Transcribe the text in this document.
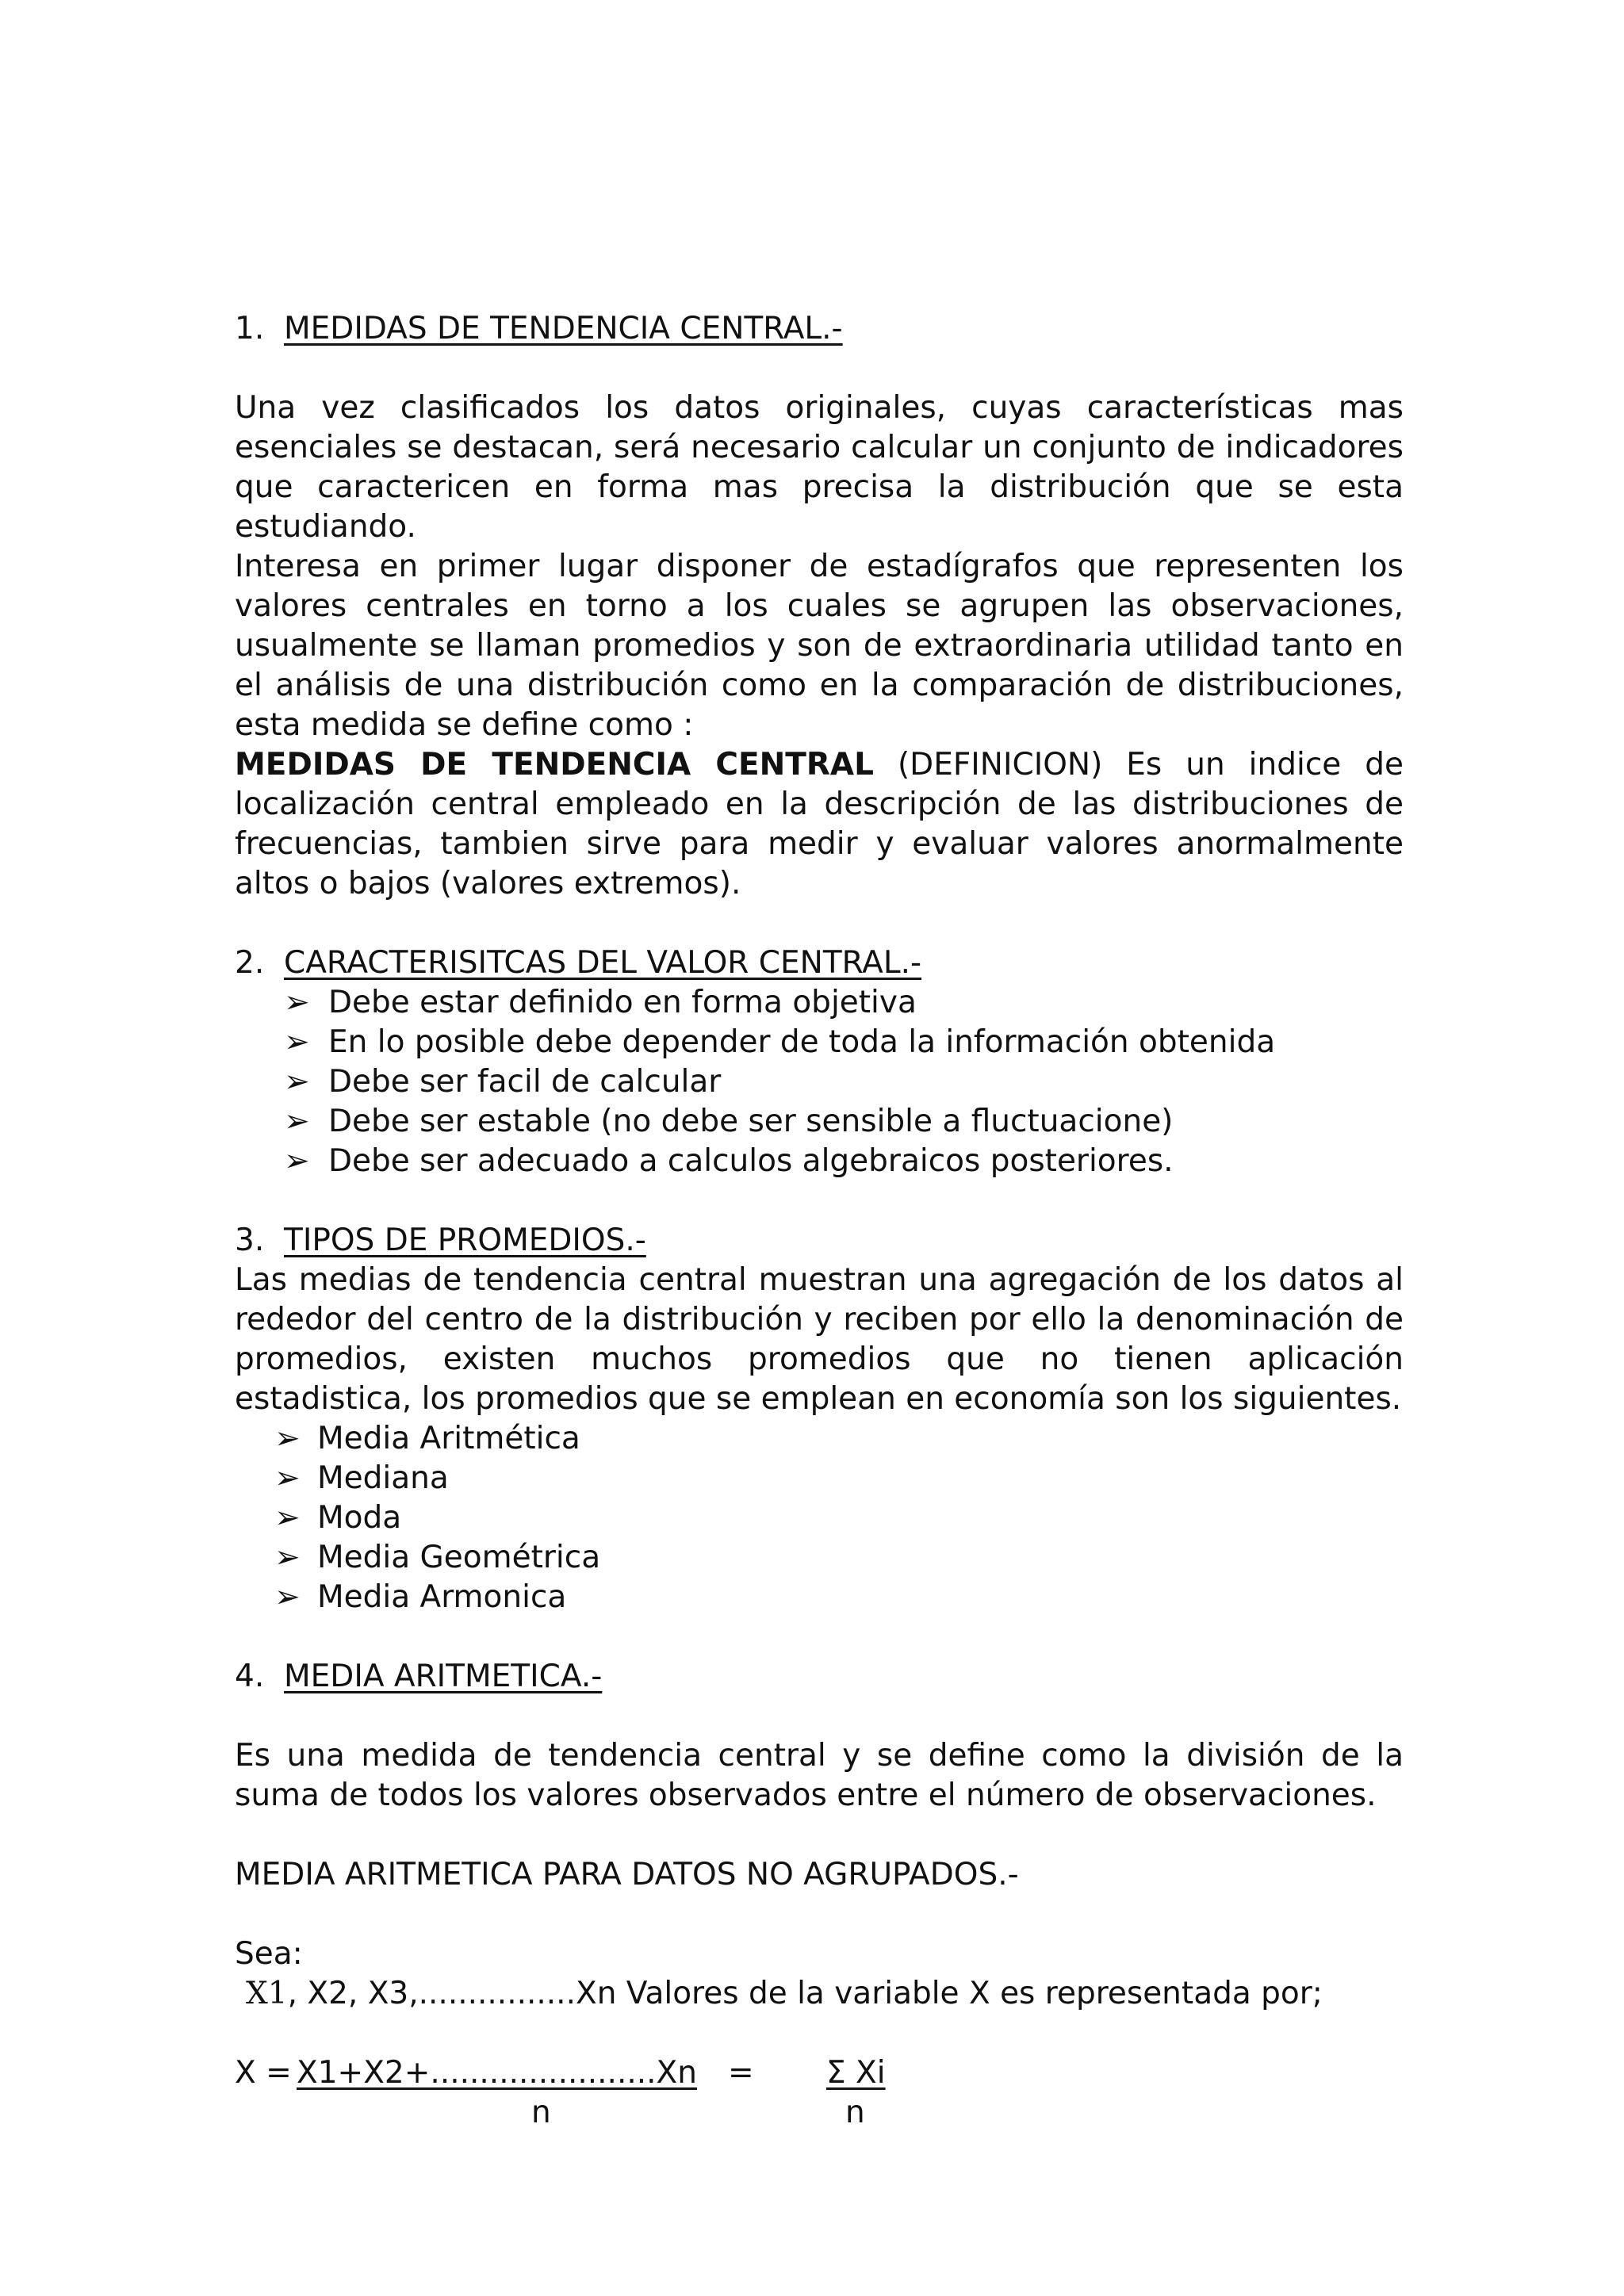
1. MEDIDAS DE TENDENCIA CENTRAL.-

Una vez clasificados los datos originales, cuyas características mas esenciales se destacan, será necesario calcular un conjunto de indicadores que caractericen en forma mas precisa la distribución que se esta estudiando.

Interesa en primer lugar disponer de estadígrafos que representen los valores centrales en torno a los cuales se agrupen las observaciones, usualmente se llaman promedios y son de extraordinaria utilidad tanto en el análisis de una distribución como en la comparación de distribuciones, esta medida se define como :

MEDIDAS DE TENDENCIA CENTRAL (DEFINICION) Es un indice de localización central empleado en la descripción de las distribuciones de frecuencias, tambien sirve para medir y evaluar valores anormalmente altos o bajos (valores extremos).

2. CARACTERISITCAS DEL VALOR CENTRAL.-
➢ Debe estar definido en forma objetiva
➢ En lo posible debe depender de toda la información obtenida
➢ Debe ser facil de calcular
➢ Debe ser estable (no debe ser sensible a fluctuacione)
➢ Debe ser adecuado a calculos algebraicos posteriores.
3. TIPOS DE PROMEDIOS.-

Las medias de tendencia central muestran una agregación de los datos al rededor del centro de la distribución y reciben por ello la denominación de promedios, existen muchos promedios que no tienen aplicación estadistica, los promedios que se emplean en economía son los siguientes.

➢ Media Aritmética
➢ Mediana
➢ Moda
➢ Media Geométrica
➢ Media Armonica
4. MEDIA ARITMETICA.-

Es una medida de tendencia central y se define como la división de la suma de todos los valores observados entre el número de observaciones.

MEDIA ARITMETICA PARA DATOS NO AGRUPADOS.-
Sea:
X1, X2, X3,................Xn Valores de la variable X es representada por;
X =
X1+X2+.......................Xn
n
= Σ Xi
n
